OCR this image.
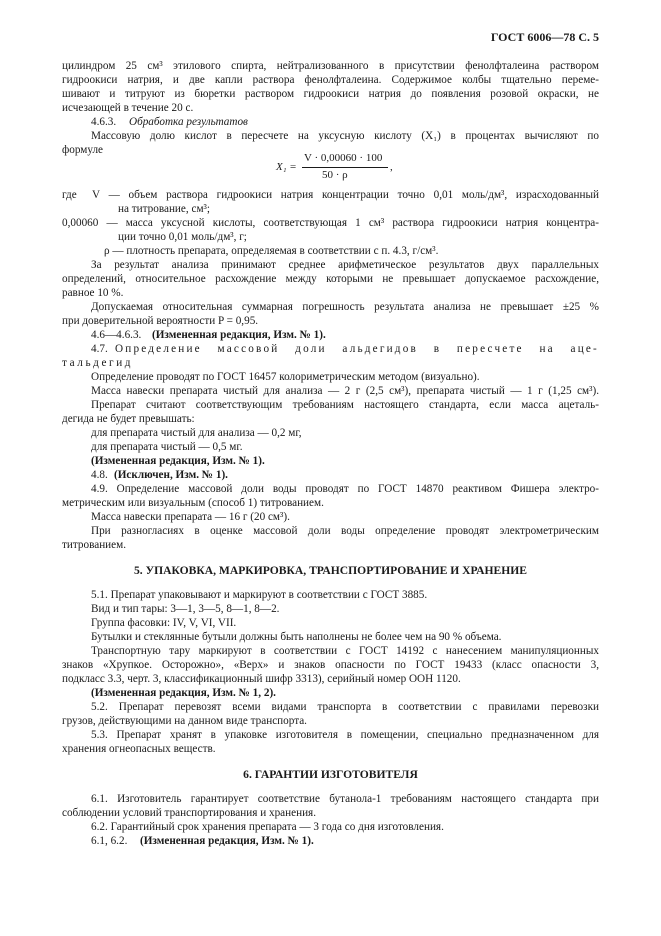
ГОСТ 6006—78 С. 5
цилиндром 25 см³ этилового спирта, нейтрализованного в присутствии фенолфталеина раствором
гидроокиси натрия, и две капли раствора фенолфталеина. Содержимое колбы тщательно переме-
шивают и титруют из бюретки раствором гидроокиси натрия до появления розовой окраски, не
исчезающей в течение 20 с.
4.6.3. Обработка результатов
Массовую долю кислот в пересчете на уксусную кислоту (X₁) в процентах вычисляют по
формуле
X₁ =
V · 0,00060 · 100
50 · ρ
,
где V — объем раствора гидроокиси натрия концентрации точно 0,01 моль/дм³, израсходованный
на титрование, см³;
0,00060 — масса уксусной кислоты, соответствующая 1 см³ раствора гидроокиси натрия концентра-
ции точно 0,01 моль/дм³, г;
ρ — плотность препарата, определяемая в соответствии с п. 4.3, г/см³.
За результат анализа принимают среднее арифметическое результатов двух параллельных
определений, относительное расхождение между которыми не превышает допускаемое расхождение,
равное 10 %.
Допускаемая относительная суммарная погрешность результата анализа не превышает ±25 %
при доверительной вероятности P = 0,95.
4.6—4.6.3. (Измененная редакция, Изм. № 1).
4.7. Определение массовой доли альдегидов в пересчете на аце-
тальдегид
Определение проводят по ГОСТ 16457 колориметрическим методом (визуально).
Масса навески препарата чистый для анализа — 2 г (2,5 см³), препарата чистый — 1 г (1,25 см³).
Препарат считают соответствующим требованиям настоящего стандарта, если масса ацеталь-
дегида не будет превышать:
для препарата чистый для анализа — 0,2 мг,
для препарата чистый — 0,5 мг.
(Измененная редакция, Изм. № 1).
4.8. (Исключен, Изм. № 1).
4.9. Определение массовой доли воды проводят по ГОСТ 14870 реактивом Фишера электро-
метрическим или визуальным (способ 1) титрованием.
Масса навески препарата — 16 г (20 см³).
При разногласиях в оценке массовой доли воды определение проводят электрометрическим
титрованием.
5. УПАКОВКА, МАРКИРОВКА, ТРАНСПОРТИРОВАНИЕ И ХРАНЕНИЕ
5.1. Препарат упаковывают и маркируют в соответствии с ГОСТ 3885.
Вид и тип тары: 3—1, 3—5, 8—1, 8—2.
Группа фасовки: IV, V, VI, VII.
Бутылки и стеклянные бутыли должны быть наполнены не более чем на 90 % объема.
Транспортную тару маркируют в соответствии с ГОСТ 14192 с нанесением манипуляционных
знаков «Хрупкое. Осторожно», «Верх» и знаков опасности по ГОСТ 19433 (класс опасности 3,
подкласс 3.3, черт. 3, классификационный шифр 3313), серийный номер ООН 1120.
(Измененная редакция, Изм. № 1, 2).
5.2. Препарат перевозят всеми видами транспорта в соответствии с правилами перевозки
грузов, действующими на данном виде транспорта.
5.3. Препарат хранят в упаковке изготовителя в помещении, специально предназначенном для
хранения огнеопасных веществ.
6. ГАРАНТИИ ИЗГОТОВИТЕЛЯ
6.1. Изготовитель гарантирует соответствие бутанола-1 требованиям настоящего стандарта при
соблюдении условий транспортирования и хранения.
6.2. Гарантийный срок хранения препарата — 3 года со дня изготовления.
6.1, 6.2. (Измененная редакция, Изм. № 1).
